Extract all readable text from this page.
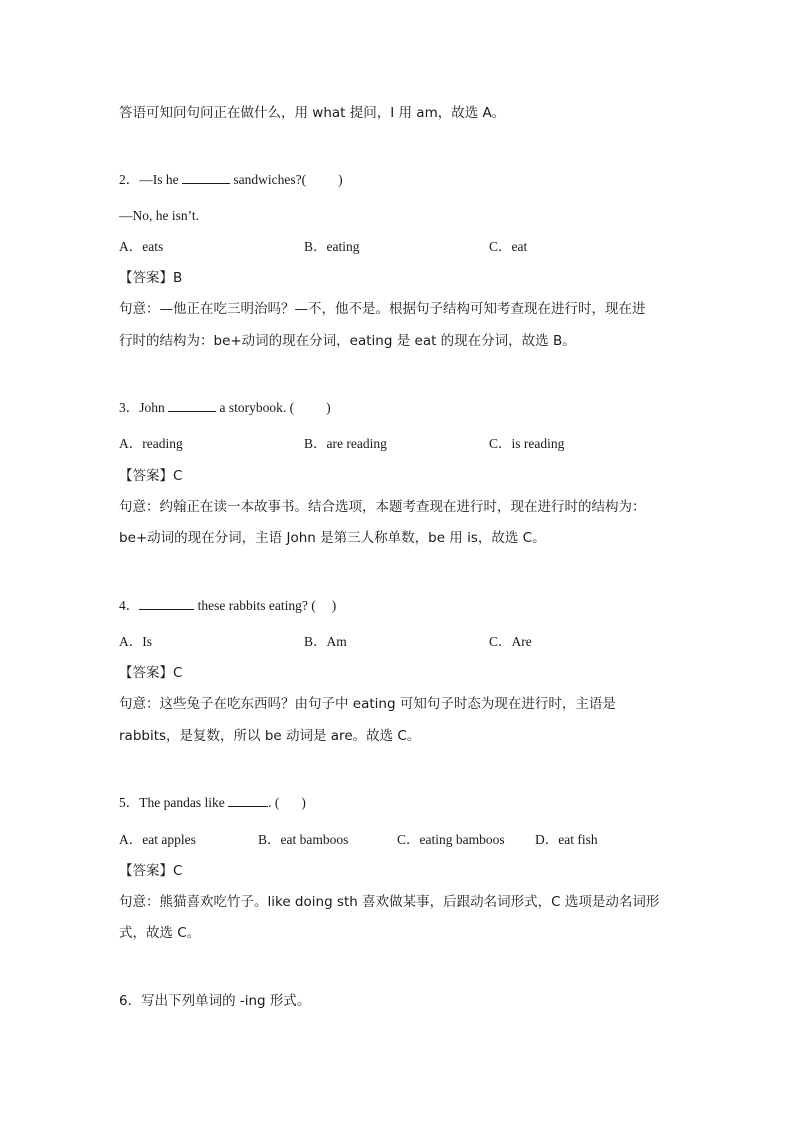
答语可知问句问正在做什么，用 what 提问，I 用 am，故选 A。
2．—Is he	sandwiches?( )
—No, he isn’t.
A．eats	B．eating	C．eat
【答案】B
句意：—他正在吃三明治吗？—不，他不是。根据句子结构可知考查现在进行时，现在进
行时的结构为：be+动词的现在分词，eating 是 eat 的现在分词，故选 B。
3．John	a storybook. ( )
A．reading	B．are reading	C．is reading
【答案】C
句意：约翰正在读一本故事书。结合选项，本题考查现在进行时，现在进行时的结构为：
be+动词的现在分词，主语 John 是第三人称单数，be 用 is，故选 C。
4．	these rabbits eating? ( )
A．Is	B．Am	C．Are
【答案】C
句意：这些兔子在吃东西吗？由句子中 eating 可知句子时态为现在进行时，主语是
rabbits，是复数，所以 be 动词是 are。故选 C。
5．The pandas like	. ( )
A．eat apples	B．eat bamboos	C．eating bamboos D．eat fish
【答案】C
句意：熊猫喜欢吃竹子。like doing sth 喜欢做某事，后跟动名词形式，C 选项是动名词形
式，故选 C。
6．写出下列单词的 -ing 形式。
